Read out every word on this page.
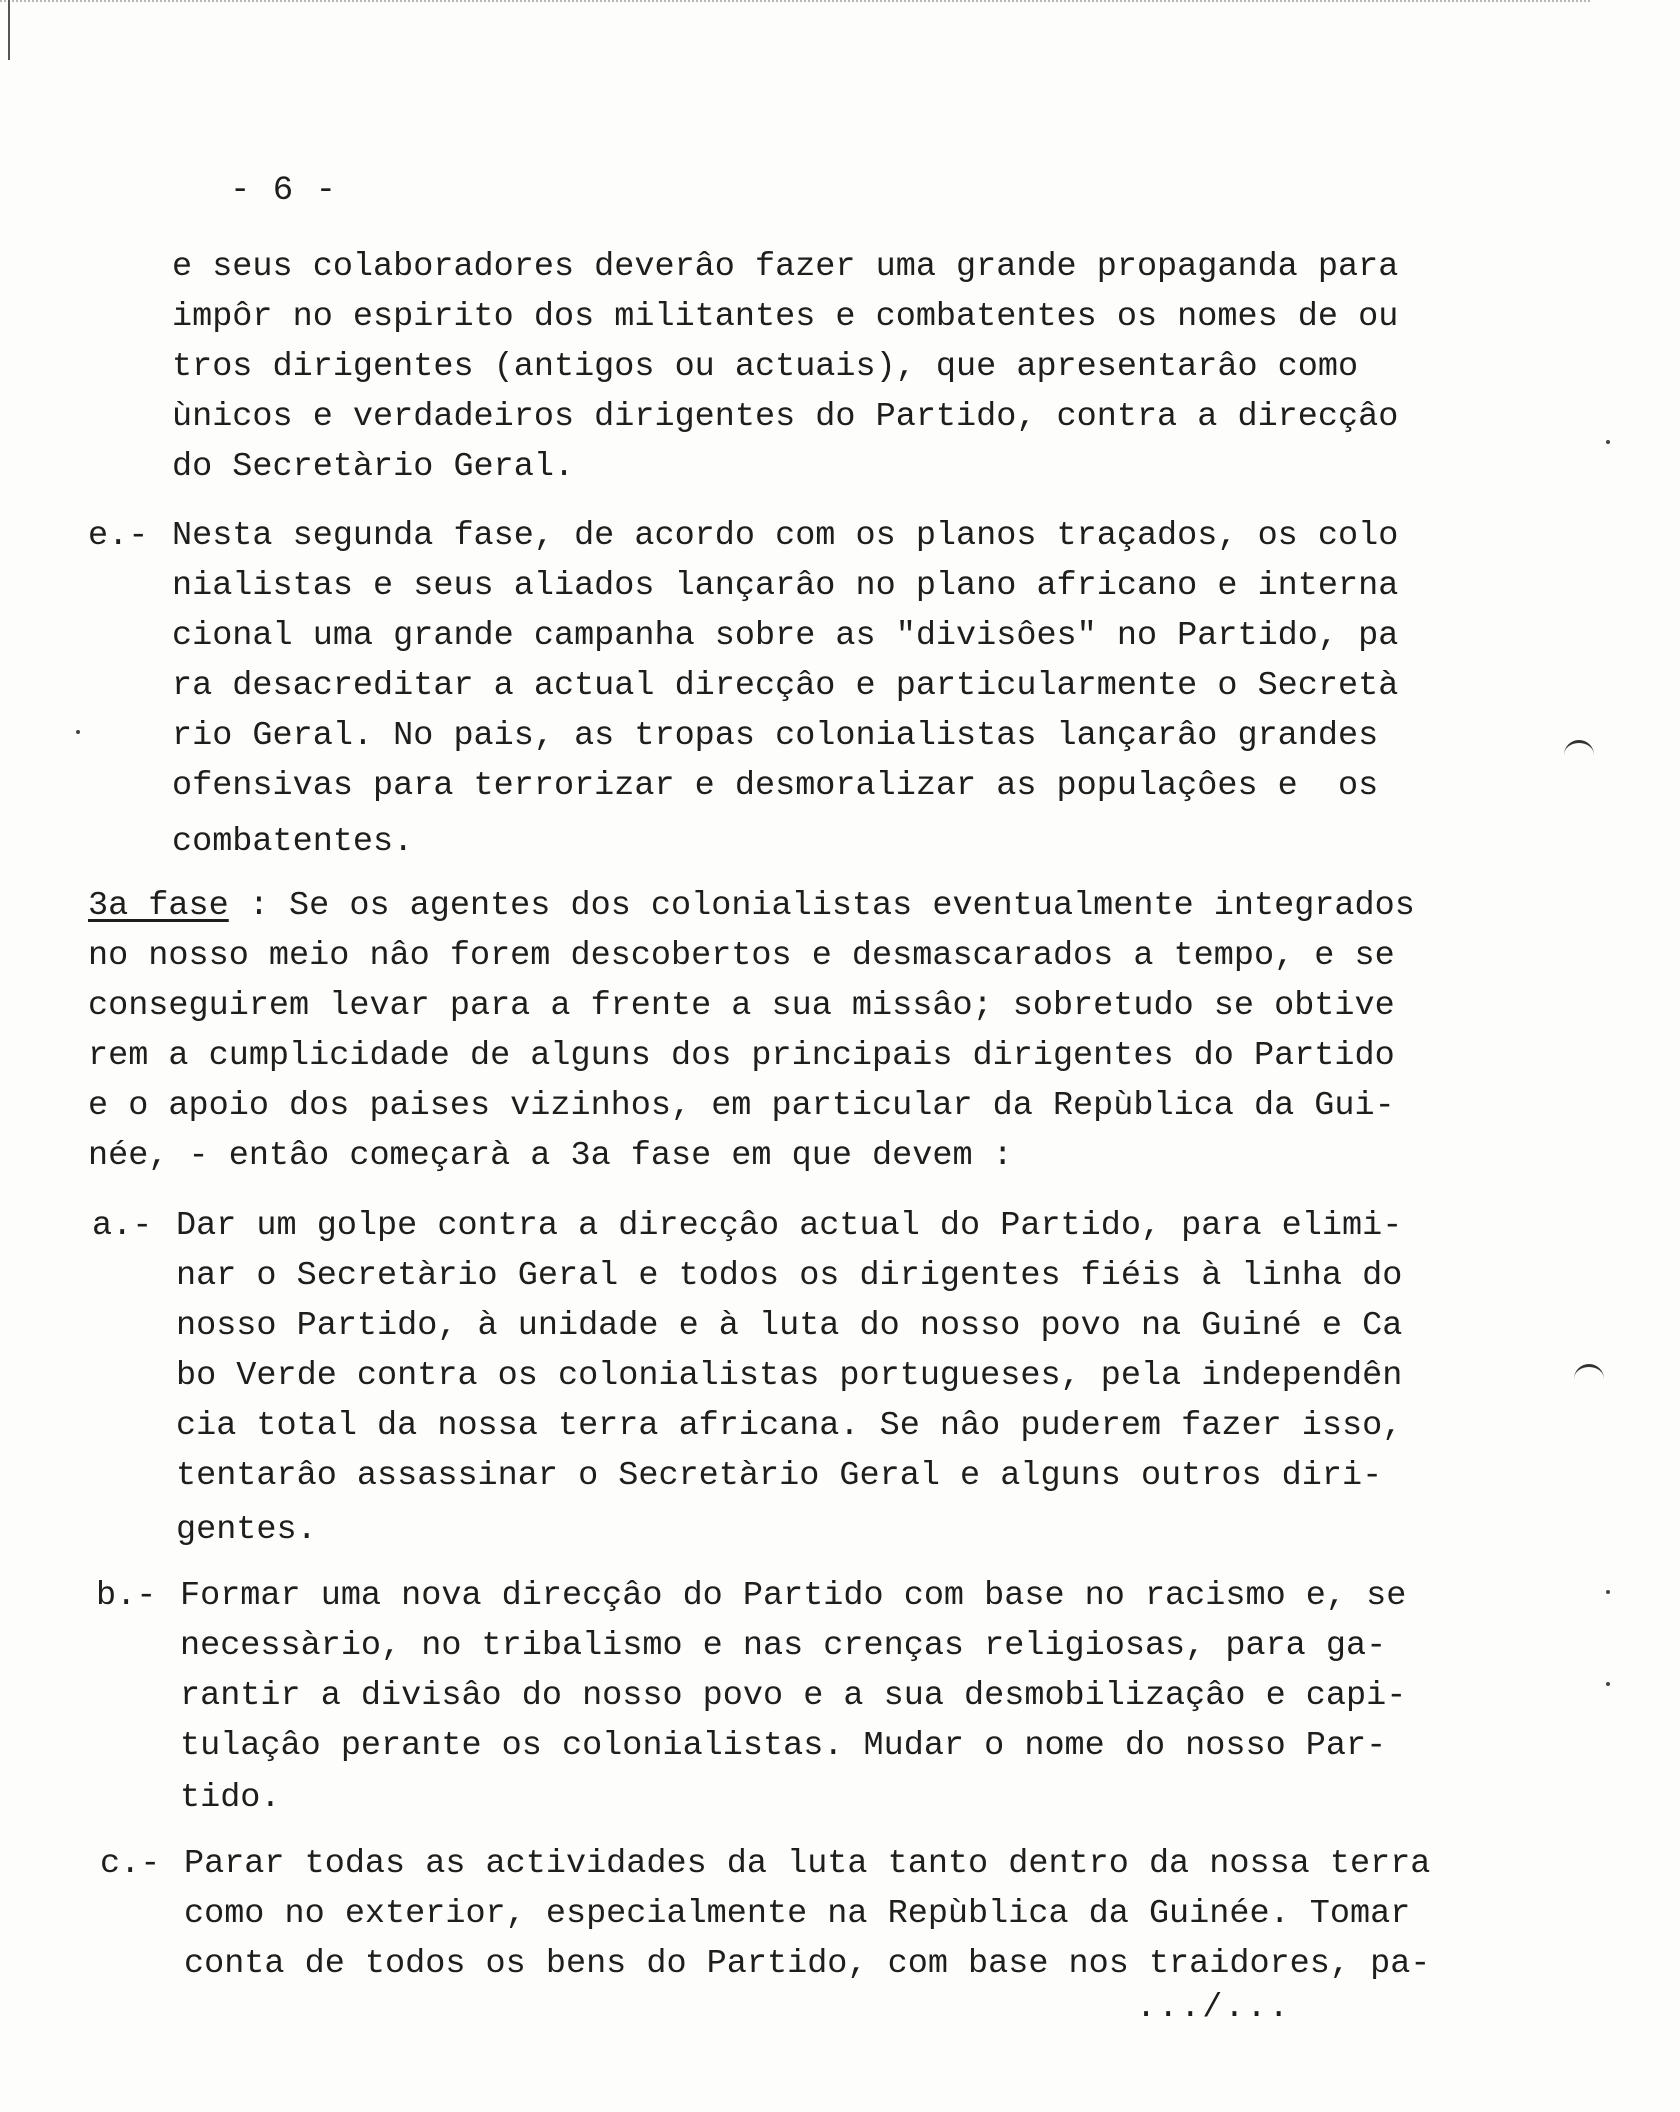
- 6 -
e seus colaboradores deverâo fazer uma grande propaganda para
impôr no espirito dos militantes e combatentes os nomes de ou
tros dirigentes (antigos ou actuais), que apresentarâo como
ùnicos e verdadeiros dirigentes do Partido, contra a direcçâo
do Secretàrio Geral.
e.- Nesta segunda fase, de acordo com os planos traçados, os colo
nialistas e seus aliados lançarâo no plano africano e interna
cional uma grande campanha sobre as "divisôes" no Partido, pa
ra desacreditar a actual direcçâo e particularmente o Secretà
rio Geral. No pais, as tropas colonialistas lançarâo grandes
ofensivas para terrorizar e desmoralizar as populaçôes e  os
combatentes.
3a fase : Se os agentes dos colonialistas eventualmente integrados
no nosso meio nâo forem descobertos e desmascarados a tempo, e se
conseguirem levar para a frente a sua missâo; sobretudo se obtive
rem a cumplicidade de alguns dos principais dirigentes do Partido
e o apoio dos paises vizinhos, em particular da Repùblica da Gui-
née, - entâo começarà a 3a fase em que devem :
a.- Dar um golpe contra a direcçâo actual do Partido, para elimi-
nar o Secretàrio Geral e todos os dirigentes fiéis à linha do
nosso Partido, à unidade e à luta do nosso povo na Guiné e Ca
bo Verde contra os colonialistas portugueses, pela independên
cia total da nossa terra africana. Se nâo puderem fazer isso,
tentarâo assassinar o Secretàrio Geral e alguns outros diri-
gentes.
b.- Formar uma nova direcçâo do Partido com base no racismo e, se
necessàrio, no tribalismo e nas crenças religiosas, para ga-
rantir a divisâo do nosso povo e a sua desmobilizaçâo e capi-
tulaçâo perante os colonialistas. Mudar o nome do nosso Par-
tido.
c.- Parar todas as actividades da luta tanto dentro da nossa terra
como no exterior, especialmente na Repùblica da Guinée. Tomar
conta de todos os bens do Partido, com base nos traidores, pa-
.../...
